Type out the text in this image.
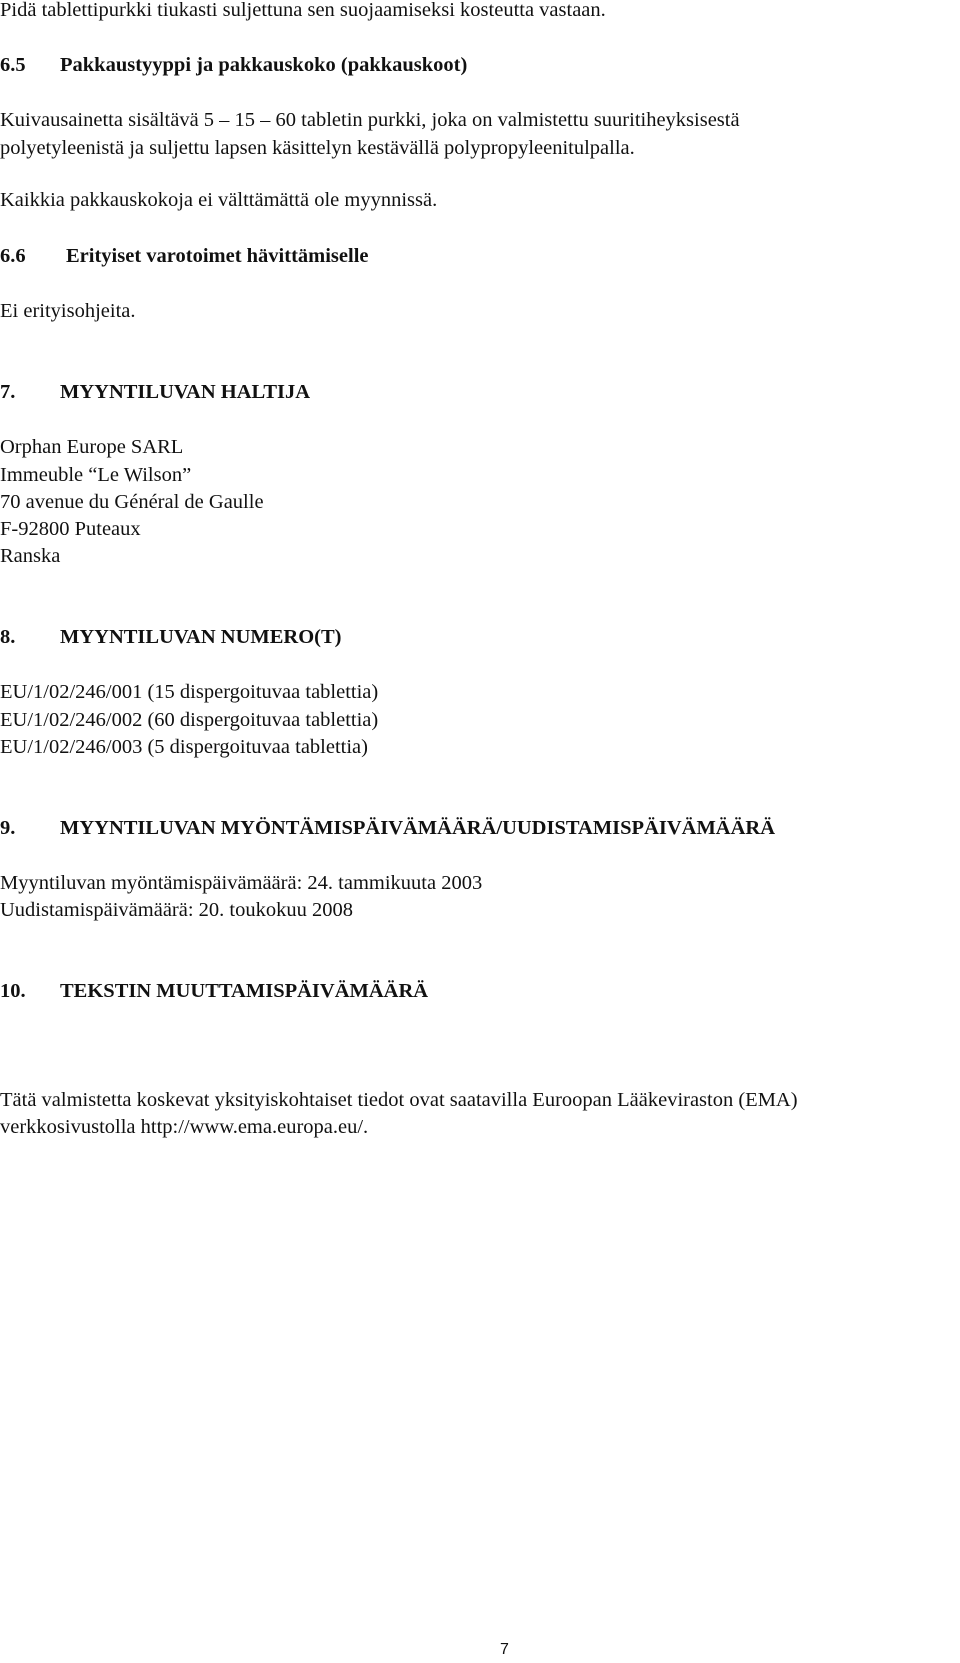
Pidä tablettipurkki tiukasti suljettuna sen suojaamiseksi kosteutta vastaan.
6.5 Pakkaustyyppi ja pakkauskoko (pakkauskoot)
Kuivausainetta sisältävä 5 – 15 – 60 tabletin purkki, joka on valmistettu suuritiheyksisestä
polyetyleenistä ja suljettu lapsen käsittelyn kestävällä polypropyleenitulpalla.
Kaikkia pakkauskokoja ei välttämättä ole myynnissä.
6.6 Erityiset varotoimet hävittämiselle
Ei erityisohjeita.
7. MYYNTILUVAN HALTIJA
Orphan Europe SARL
Immeuble “Le Wilson”
70 avenue du Général de Gaulle
F-92800 Puteaux
Ranska
8. MYYNTILUVAN NUMERO(T)
EU/1/02/246/001 (15 dispergoituvaa tablettia)
EU/1/02/246/002 (60 dispergoituvaa tablettia)
EU/1/02/246/003 (5 dispergoituvaa tablettia)
9. MYYNTILUVAN MYÖNTÄMISPÄIVÄMÄÄRÄ/UUDISTAMISPÄIVÄMÄÄRÄ
Myyntiluvan myöntämispäivämäärä: 24. tammikuuta 2003
Uudistamispäivämäärä: 20. toukokuu 2008
10. TEKSTIN MUUTTAMISPÄIVÄMÄÄRÄ
Tätä valmistetta koskevat yksityiskohtaiset tiedot ovat saatavilla Euroopan Lääkeviraston (EMA)
verkkosivustolla http://www.ema.europa.eu/.
7
